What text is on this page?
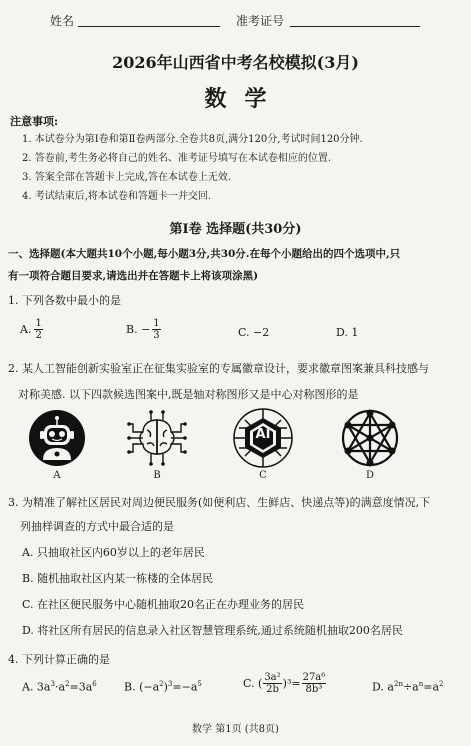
姓名	准考证号
2026年山西省中考名校模拟(3月)
数学
注意事项:
1. 本试卷分为第Ⅰ卷和第Ⅱ卷两部分.全卷共8页,满分120分,考试时间120分钟.
2. 答卷前,考生务必将自己的姓名、准考证号填写在本试卷相应的位置.
3. 答案全部在答题卡上完成,答在本试卷上无效.
4. 考试结束后,将本试卷和答题卡一并交回.
第Ⅰ卷 选择题(共30分)
一、选择题(本大题共10个小题,每小题3分,共30分.在每个小题给出的四个选项中,只
有一项符合题目要求,请选出并在答题卡上将该项涂黑)
1. 下列各数中最小的是
A. $\frac{1}{2}$	B. − $\frac{1}{3}$	C. −2	D. 1
2. 某人工智能创新实验室正在征集实验室的专属徽章设计，要求徽章图案兼具科技感与
对称美感. 以下四款候选图案中,既是轴对称图形又是中心对称图形的是
A	B
AI
C	D
3. 为精准了解社区居民对周边便民服务(如便利店、生鲜店、快递点等)的满意度情况,下
列抽样调查的方式中最合适的是
A. 只抽取社区内60岁以上的老年居民
B. 随机抽取社区内某一栋楼的全体居民
C. 在社区便民服务中心随机抽取20名正在办理业务的居民
D. 将社区所有居民的信息录入社区智慧管理系统,通过系统随机抽取200名居民
4. 下列计算正确的是
A. $3a^3\cdot a^2=3a^6$ B. $(-a^2)^3=-a^5$	C. ( $\frac{\text{3a²}}{2b} )^3= \frac{\text{27a⁶}}{\text{8b³}}$	D. $a^{2n}\div a^n=a^2$
数学 第1页 (共8页)
